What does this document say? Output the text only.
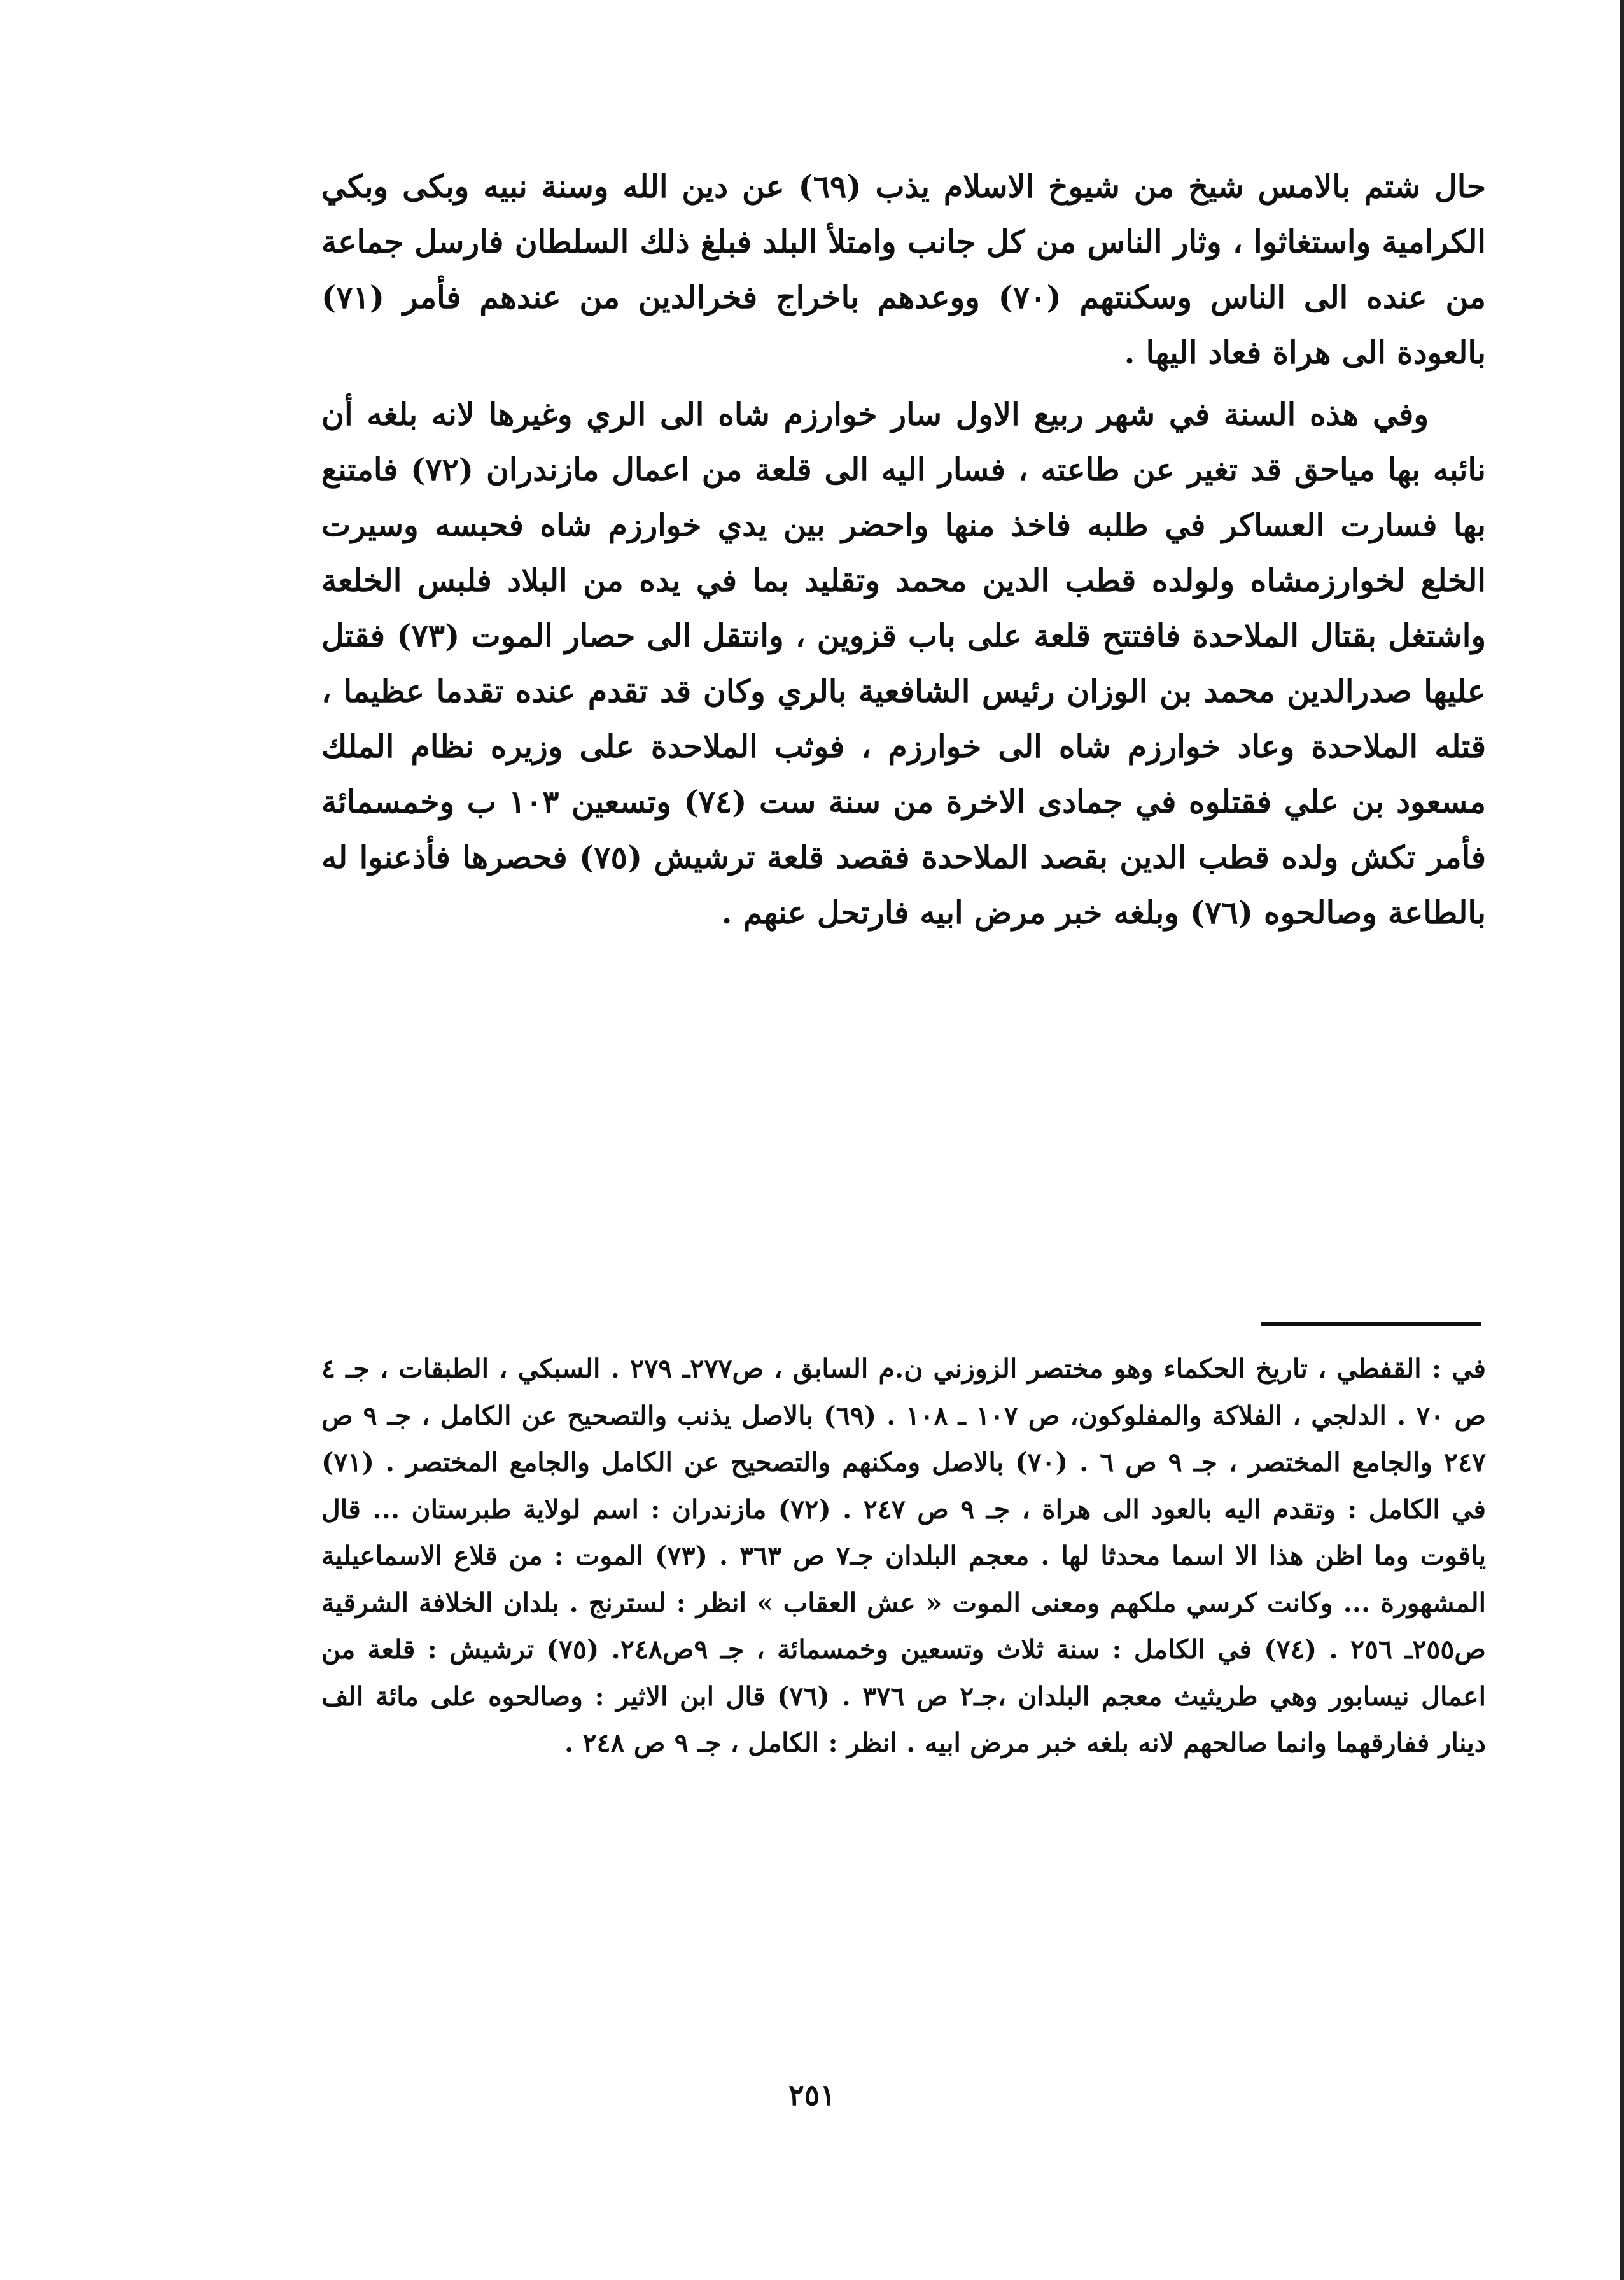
حال شتم بالامس شيخ من شيوخ الاسلام يذب (٦٩) عن دين الله وسنة نبيه وبكى وبكي الكرامية واستغاثوا ، وثار الناس من كل جانب وامتلأ البلد فبلغ ذلك السلطان فارسل جماعة من عنده الى الناس وسكنتهم (٧٠) ووعدهم باخراج فخرالدين من عندهم فأمر (٧١) بالعودة الى هراة فعاد اليها .

وفي هذه السنة في شهر ربيع الاول سار خوارزم شاه الى الري وغيرها لانه بلغه أن نائبه بها مياحق قد تغير عن طاعته ، فسار اليه الى قلعة من اعمال مازندران (٧٢) فامتنع بها فسارت العساكر في طلبه فاخذ منها واحضر بين يدي خوارزم شاه فحبسه وسيرت الخلع لخوارزمشاه ولولده قطب الدين محمد وتقليد بما في يده من البلاد فلبس الخلعة واشتغل بقتال الملاحدة فافتتح قلعة على باب قزوين ، وانتقل الى حصار الموت (٧٣) فقتل عليها صدرالدين محمد بن الوزان رئيس الشافعية بالري وكان قد تقدم عنده تقدما عظيما ، قتله الملاحدة وعاد خوارزم شاه الى خوارزم ، فوثب الملاحدة على وزيره نظام الملك مسعود بن علي فقتلوه في جمادى الاخرة من سنة ست (٧٤) وتسعين ١٠٣ ب وخمسمائة فأمر تكش ولده قطب الدين بقصد الملاحدة فقصد قلعة ترشيش (٧٥) فحصرها فأذعنوا له بالطاعة وصالحوه (٧٦) وبلغه خبر مرض ابيه فارتحل عنهم .

في : القفطي ، تاريخ الحكماء وهو مختصر الزوزني ن.م السابق ، ص٢٧٧ـ ٢٧٩ . السبكي ، الطبقات ، جـ ٤ ص ٧٠ . الدلجي ، الفلاكة والمفلوكون، ص ١٠٧ ـ ١٠٨ . (٦٩) بالاصل يذنب والتصحيح عن الكامل ، جـ ٩ ص ٢٤٧ والجامع المختصر ، جـ ٩ ص ٦ . (٧٠) بالاصل ومكنهم والتصحيح عن الكامل والجامع المختصر . (٧١) في الكامل : وتقدم اليه بالعود الى هراة ، جـ ٩ ص ٢٤٧ . (٧٢) مازندران : اسم لولاية طبرستان ... قال ياقوت وما اظن هذا الا اسما محدثا لها . معجم البلدان جـ٧ ص ٣٦٣ . (٧٣) الموت : من قلاع الاسماعيلية المشهورة ... وكانت كرسي ملكهم ومعنى الموت « عش العقاب » انظر : لسترنج . بلدان الخلافة الشرقية ص٢٥٥ـ ٢٥٦ . (٧٤) في الكامل : سنة ثلاث وتسعين وخمسمائة ، جـ ٩ص٢٤٨. (٧٥) ترشيش : قلعة من اعمال نيسابور وهي طريثيث معجم البلدان ،جـ٢ ص ٣٧٦ . (٧٦) قال ابن الاثير : وصالحوه على مائة الف دينار ففارقهما وانما صالحهم لانه بلغه خبر مرض ابيه . انظر : الكامل ، جـ ٩ ص ٢٤٨ .

٢٥١
